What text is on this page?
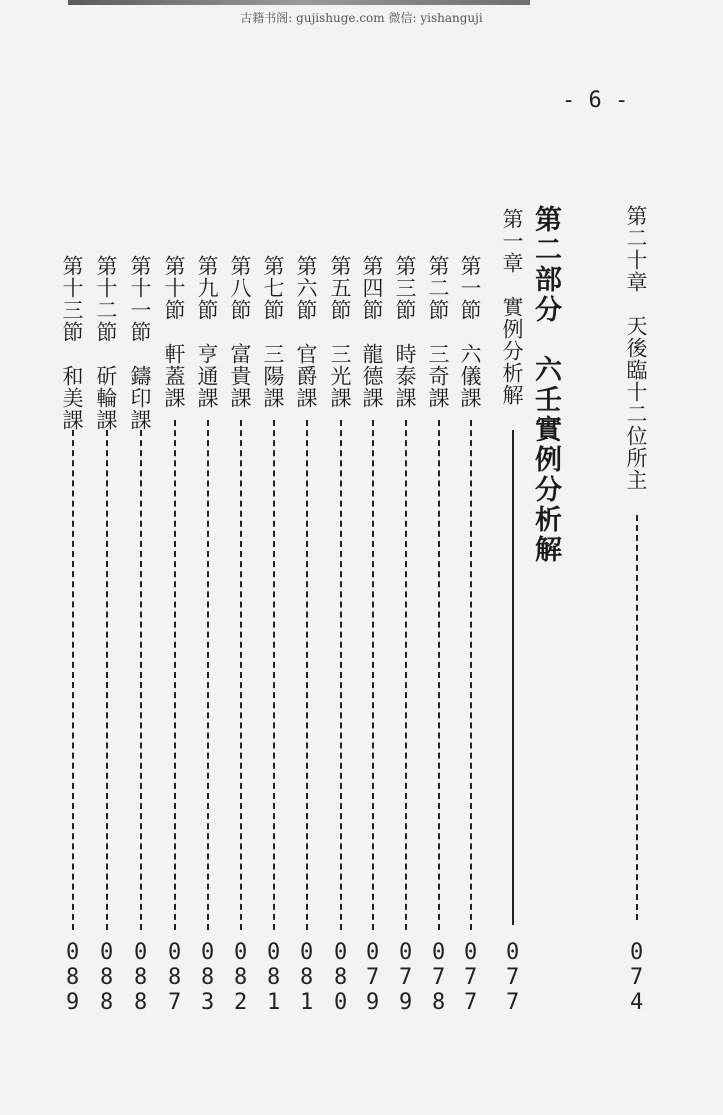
古籍书阁: gujishuge.com 微信: yishanguji
- 6 -
第二十章　天後臨十二位所主
074
第二部分　六壬實例分析解
第一章　實例分析解
077
第一節　六儀課
077
第二節　三奇課
078
第三節　時泰課
079
第四節　龍德課
079
第五節　三光課
080
第六節　官爵課
081
第七節　三陽課
081
第八節　富貴課
082
第九節　亨通課
083
第十節　軒蓋課
087
第十一節　鑄印課
088
第十二節　斫輪課
088
第十三節　和美課
089
